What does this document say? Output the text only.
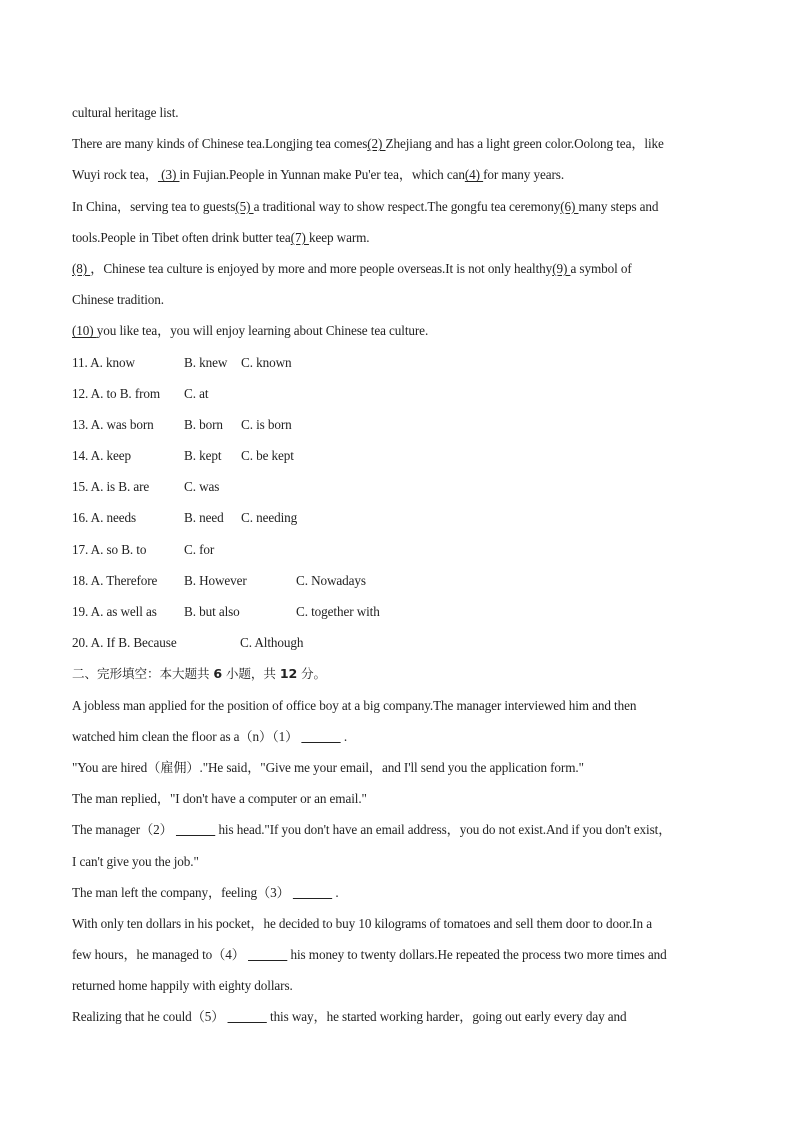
cultural heritage list.
There are many kinds of Chinese tea.Longjing tea comes(2) Zhejiang and has a light green color.Oolong tea，like
Wuyi rock tea， (3) in Fujian.People in Yunnan make Pu'er tea，which can(4) for many years.
In China，serving tea to guests(5) a traditional way to show respect.The gongfu tea ceremony(6) many steps and
tools.People in Tibet often drink butter tea(7) keep warm.
(8) ，Chinese tea culture is enjoyed by more and more people overseas.It is not only healthy(9) a symbol of
Chinese tradition.
(10) you like tea，you will enjoy learning about Chinese tea culture.
11. A. know	B. knew C. known
12. A. to B. from C. at
13. A. was born B. born C. is born
14. A. keep	B. kept C. be kept
15. A. is B. are	C. was
16. A. needs	B. need C. needing
17. A. so B. to	C. for
18. A. Therefore B. However	C. Nowadays
19. A. as well as B. but also	C. together with
20. A. If B. Because	C. Although
二、完形填空：本大题共 6 小题，共 12 分。
A jobless man applied for the position of office boy at a big company.The manager interviewed him and then
watched him clean the floor as a（n）（1）    	.
"You are hired（雇佣）."He said，"Give me your email，and I'll send you the application form."
The man replied，"I don't have a computer or an email."
The manager（2）    	his head."If you don't have an email address，you do not exist.And if you don't exist，
I can't give you the job."
The man left the company，feeling（3）    	.
With only ten dollars in his pocket，he decided to buy 10 kilograms of tomatoes and sell them door to door.In a
few hours，he managed to（4）    	his money to twenty dollars.He repeated the process two more times and
returned home happily with eighty dollars.
Realizing that he could（5）    	this way，he started working harder，going out early every day and
